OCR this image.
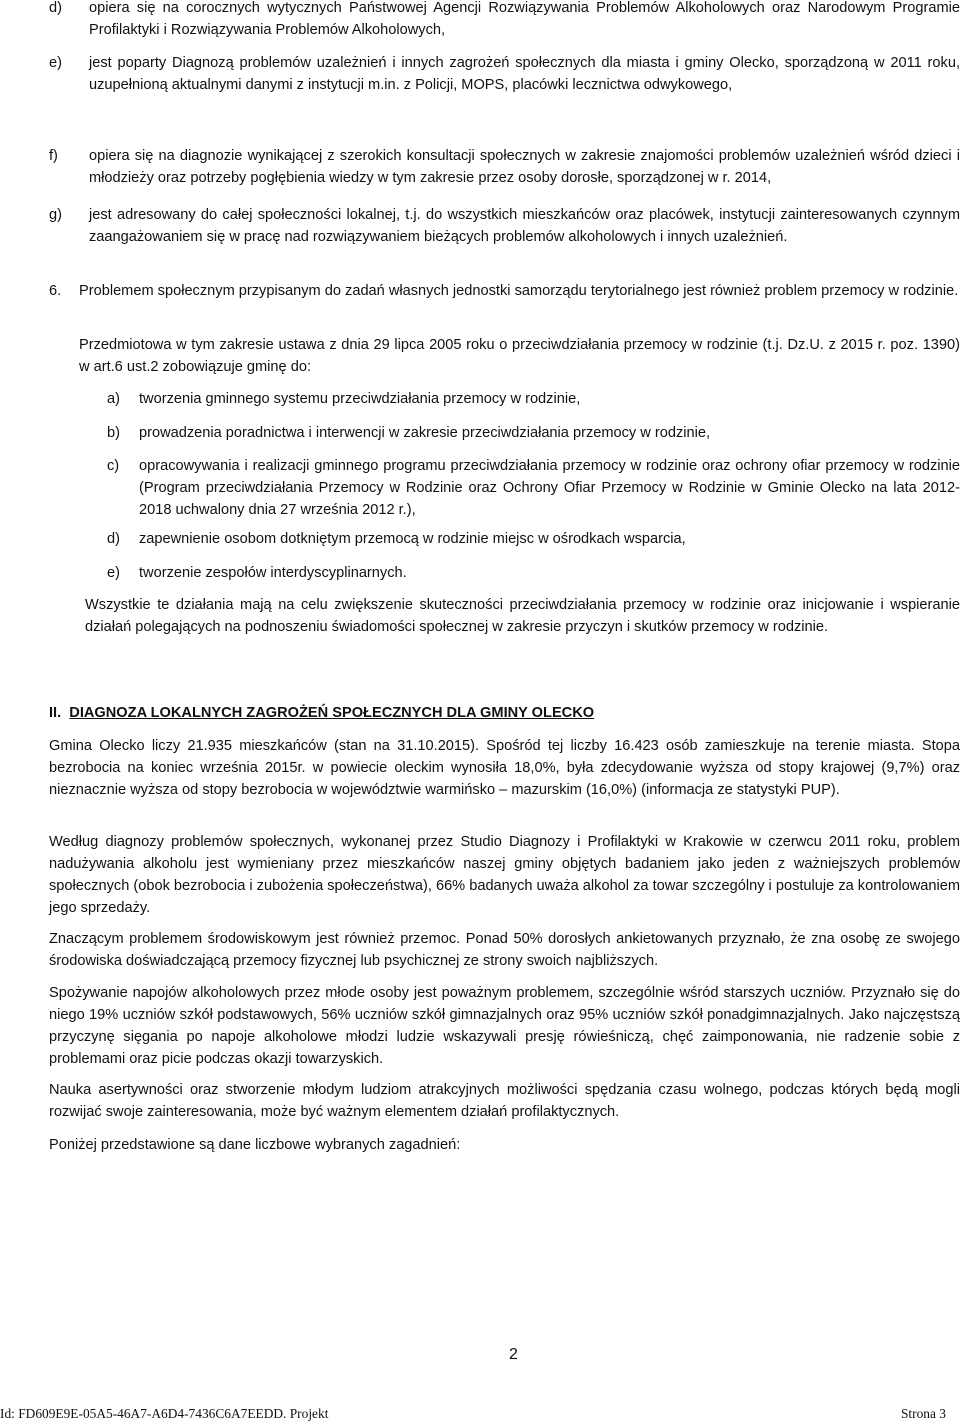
d) opiera się na corocznych wytycznych Państwowej Agencji Rozwiązywania Problemów Alkoholowych oraz Narodowym Programie Profilaktyki i Rozwiązywania Problemów Alkoholowych,
e) jest poparty Diagnozą problemów uzależnień i innych zagrożeń społecznych dla miasta i gminy Olecko, sporządzoną w 2011 roku, uzupełnioną aktualnymi danymi z instytucji m.in. z Policji, MOPS, placówki lecznictwa odwykowego,
f) opiera się na diagnozie wynikającej z szerokich konsultacji społecznych w zakresie znajomości problemów uzależnień wśród dzieci i młodzieży oraz potrzeby pogłębienia wiedzy w tym zakresie przez osoby dorosłe, sporządzonej w r. 2014,
g) jest adresowany do całej społeczności lokalnej, t.j. do wszystkich mieszkańców oraz placówek, instytucji zainteresowanych czynnym zaangażowaniem się w pracę nad rozwiązywaniem bieżących problemów alkoholowych i innych uzależnień.
6. Problemem społecznym przypisanym do zadań własnych jednostki samorządu terytorialnego jest również problem przemocy w rodzinie.
Przedmiotowa w tym zakresie ustawa z dnia 29 lipca 2005 roku o przeciwdziałania przemocy w rodzinie (t.j. Dz.U. z 2015 r. poz. 1390) w art.6 ust.2 zobowiązuje gminę do:
a) tworzenia gminnego systemu przeciwdziałania przemocy w rodzinie,
b) prowadzenia poradnictwa i interwencji w zakresie przeciwdziałania przemocy w rodzinie,
c) opracowywania i realizacji gminnego programu przeciwdziałania przemocy w rodzinie oraz ochrony ofiar przemocy w rodzinie (Program przeciwdziałania Przemocy w Rodzinie oraz Ochrony Ofiar Przemocy w Rodzinie w Gminie Olecko na lata 2012-2018 uchwalony dnia 27 września 2012 r.),
d) zapewnienie osobom dotkniętym przemocą w rodzinie miejsc w ośrodkach wsparcia,
e) tworzenie zespołów interdyscyplinarnych.
Wszystkie te działania mają na celu zwiększenie skuteczności przeciwdziałania przemocy w rodzinie oraz inicjowanie i wspieranie działań polegających na podnoszeniu świadomości społecznej w zakresie przyczyn i skutków przemocy w rodzinie.
II. DIAGNOZA LOKALNYCH ZAGROŻEŃ SPOŁECZNYCH DLA GMINY OLECKO
Gmina Olecko liczy 21.935 mieszkańców (stan na 31.10.2015). Spośród tej liczby 16.423 osób zamieszkuje na terenie miasta. Stopa bezrobocia na koniec września 2015r. w powiecie oleckim wynosiła 18,0%, była zdecydowanie wyższa od stopy krajowej (9,7%) oraz nieznacznie wyższa od stopy bezrobocia w województwie warmińsko – mazurskim (16,0%) (informacja ze statystyki PUP).
Według diagnozy problemów społecznych, wykonanej przez Studio Diagnozy i Profilaktyki w Krakowie w czerwcu 2011 roku, problem nadużywania alkoholu jest wymieniany przez mieszkańców naszej gminy objętych badaniem jako jeden z ważniejszych problemów społecznych (obok bezrobocia i zubożenia społeczeństwa), 66% badanych uważa alkohol za towar szczególny i postuluje za kontrolowaniem jego sprzedaży.
Znaczącym problemem środowiskowym jest również przemoc. Ponad 50% dorosłych ankietowanych przyznało, że zna osobę ze swojego środowiska doświadczającą przemocy fizycznej lub psychicznej ze strony swoich najbliższych.
Spożywanie napojów alkoholowych przez młode osoby jest poważnym problemem, szczególnie wśród starszych uczniów. Przyznało się do niego 19% uczniów szkół podstawowych, 56% uczniów szkół gimnazjalnych oraz 95% uczniów szkół ponadgimnazjalnych. Jako najczęstszą przyczynę sięgania po napoje alkoholowe młodzi ludzie wskazywali presję rówieśniczą, chęć zaimponowania, nie radzenie sobie z problemami oraz picie podczas okazji towarzyskich.
Nauka asertywności oraz stworzenie młodym ludziom atrakcyjnych możliwości spędzania czasu wolnego, podczas których będą mogli rozwijać swoje zainteresowania, może być ważnym elementem działań profilaktycznych.
Poniżej przedstawione są dane liczbowe wybranych zagadnień:
2
Id: FD609E9E-05A5-46A7-A6D4-7436C6A7EEDD. Projekt	Strona 3
